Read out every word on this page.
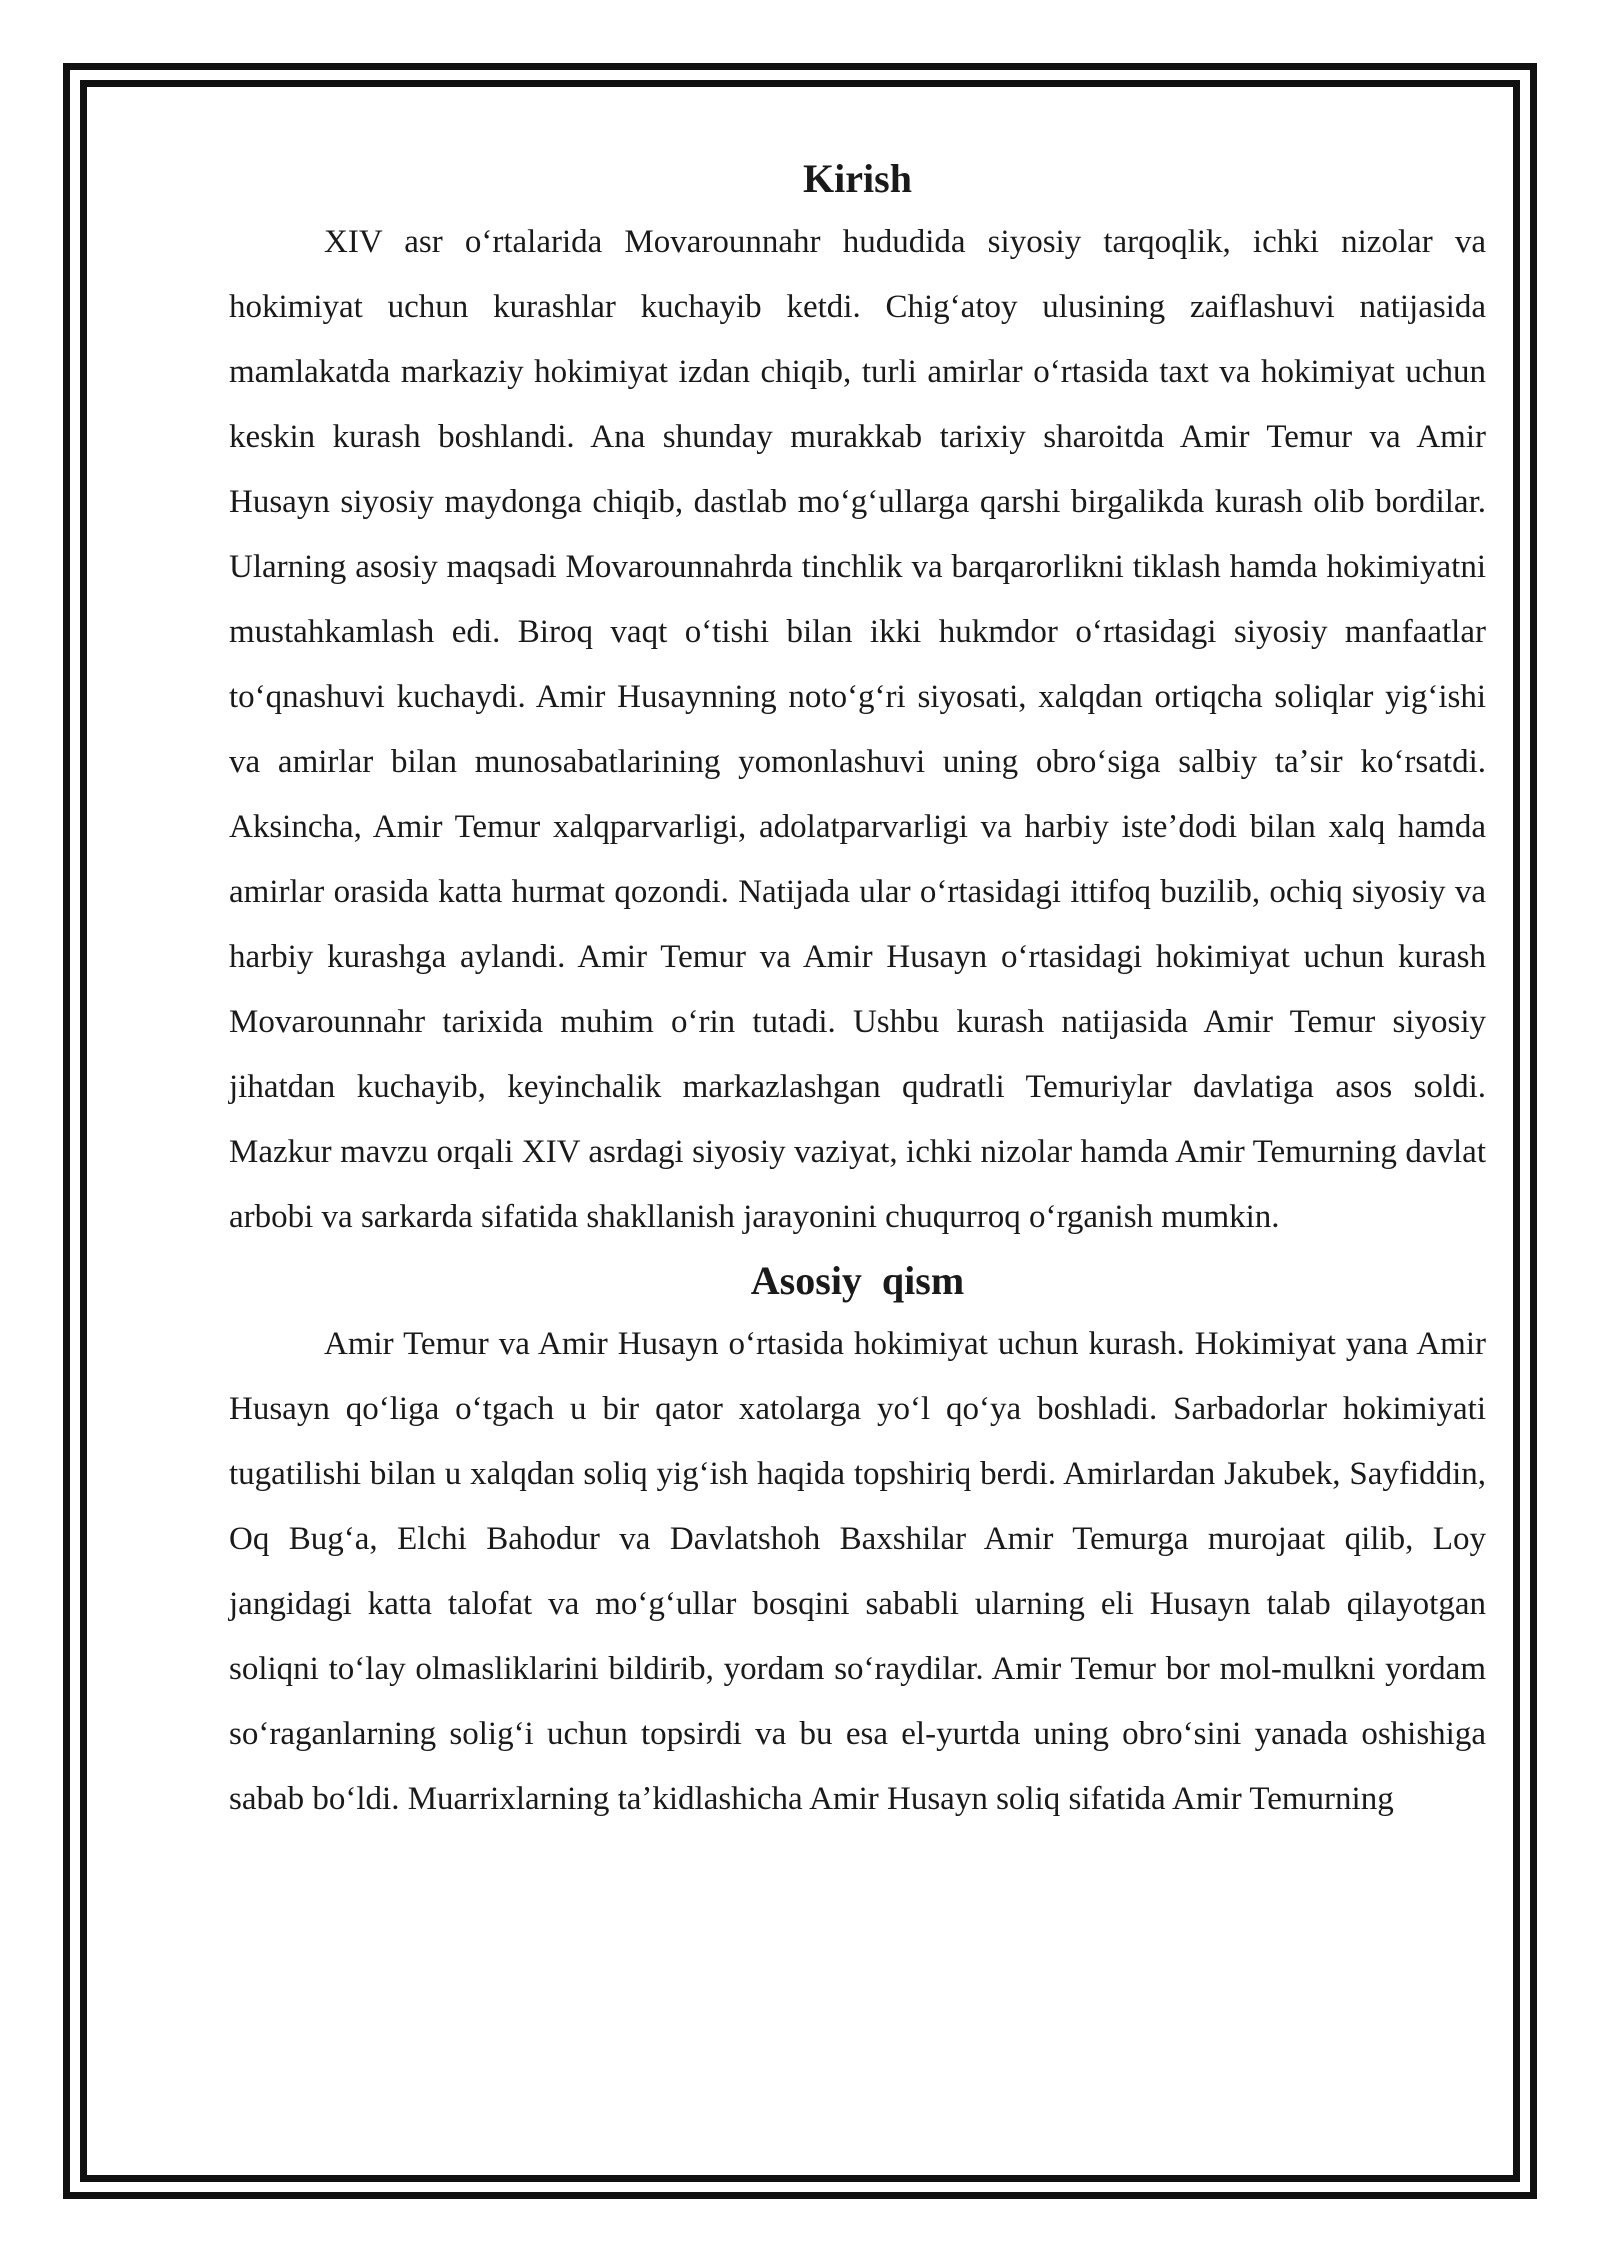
Kirish

XIV asr oʻrtalarida Movarounnahr hududida siyosiy tarqoqlik, ichki nizolar va hokimiyat uchun kurashlar kuchayib ketdi. Chigʻatoy ulusining zaiflashuvi natijasida mamlakatda markaziy hokimiyat izdan chiqib, turli amirlar oʻrtasida taxt va hokimiyat uchun keskin kurash boshlandi. Ana shunday murakkab tarixiy sharoitda Amir Temur va Amir Husayn siyosiy maydonga chiqib, dastlab moʻgʻullarga qarshi birgalikda kurash olib bordilar. Ularning asosiy maqsadi Movarounnahrda tinchlik va barqarorlikni tiklash hamda hokimiyatni mustahkamlash edi. Biroq vaqt oʻtishi bilan ikki hukmdor oʻrtasidagi siyosiy manfaatlar toʻqnashuvi kuchaydi. Amir Husaynning notoʻgʻri siyosati, xalqdan ortiqcha soliqlar yigʻishi va amirlar bilan munosabatlarining yomonlashuvi uning obroʻsiga salbiy taʼsir koʻrsatdi. Aksincha, Amir Temur xalqparvarligi, adolatparvarligi va harbiy isteʼdodi bilan xalq hamda amirlar orasida katta hurmat qozondi. Natijada ular oʻrtasidagi ittifoq buzilib, ochiq siyosiy va harbiy kurashga aylandi. Amir Temur va Amir Husayn oʻrtasidagi hokimiyat uchun kurash Movarounnahr tarixida muhim oʻrin tutadi. Ushbu kurash natijasida Amir Temur siyosiy jihatdan kuchayib, keyinchalik markazlashgan qudratli Temuriylar davlatiga asos soldi. Mazkur mavzu orqali XIV asrdagi siyosiy vaziyat, ichki nizolar hamda Amir Temurning davlat arbobi va sarkarda sifatida shakllanish jarayonini chuqurroq oʻrganish mumkin.

Asosiy  qism

Amir Temur va Amir Husayn oʻrtasida hokimiyat uchun kurash. Hokimiyat yana Amir Husayn qoʻliga oʻtgach u bir qator xatolarga yoʻl qoʻya boshladi. Sarbadorlar hokimiyati tugatilishi bilan u xalqdan soliq yigʻish haqida topshiriq berdi. Amirlardan Jakubek, Sayfiddin, Oq Bugʻa, Elchi Bahodur va Davlatshoh Baxshilar Amir Temurga murojaat qilib, Loy jangidagi katta talofat va moʻgʻullar bosqini sababli ularning eli Husayn talab qilayotgan soliqni toʻlay olmasliklarini bildirib, yordam soʻraydilar. Amir Temur bor mol-mulkni yordam soʻraganlarning soligʻi uchun topsirdi va bu esa el-yurtda uning obroʻsini yanada oshishiga sabab boʻldi. Muarrixlarning taʼkidlashicha Amir Husayn soliq sifatida Amir Temurning
